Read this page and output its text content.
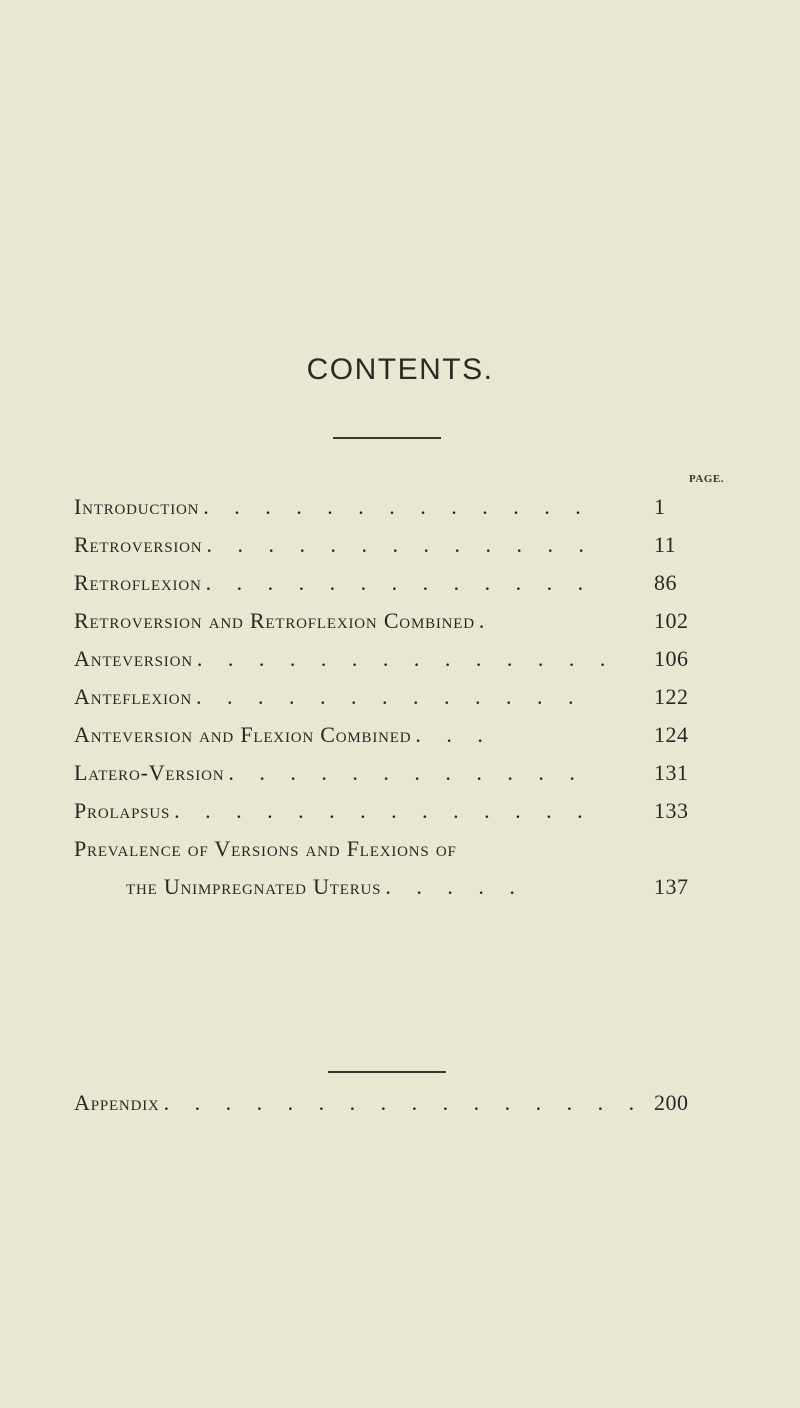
CONTENTS.
PAGE.
Introduction . . . . . . . . . . . . .	1
Retroversion . . . . . . . . . . . . .	11
Retroflexion . . . . . . . . . . . . .	86
Retroversion and Retroflexion Combined .	102
Anteversion . . . . . . . . . . . . . .	106
Anteflexion . . . . . . . . . . . . .	122
Anteversion and Flexion Combined . . .	124
Latero-Version . . . . . . . . . . . .	131
Prolapsus . . . . . . . . . . . . . .	133
Prevalence of Versions and Flexions of
the Unimpregnated Uterus . . . . .	137
Appendix . . . . . . . . . . . . . . . . 200
